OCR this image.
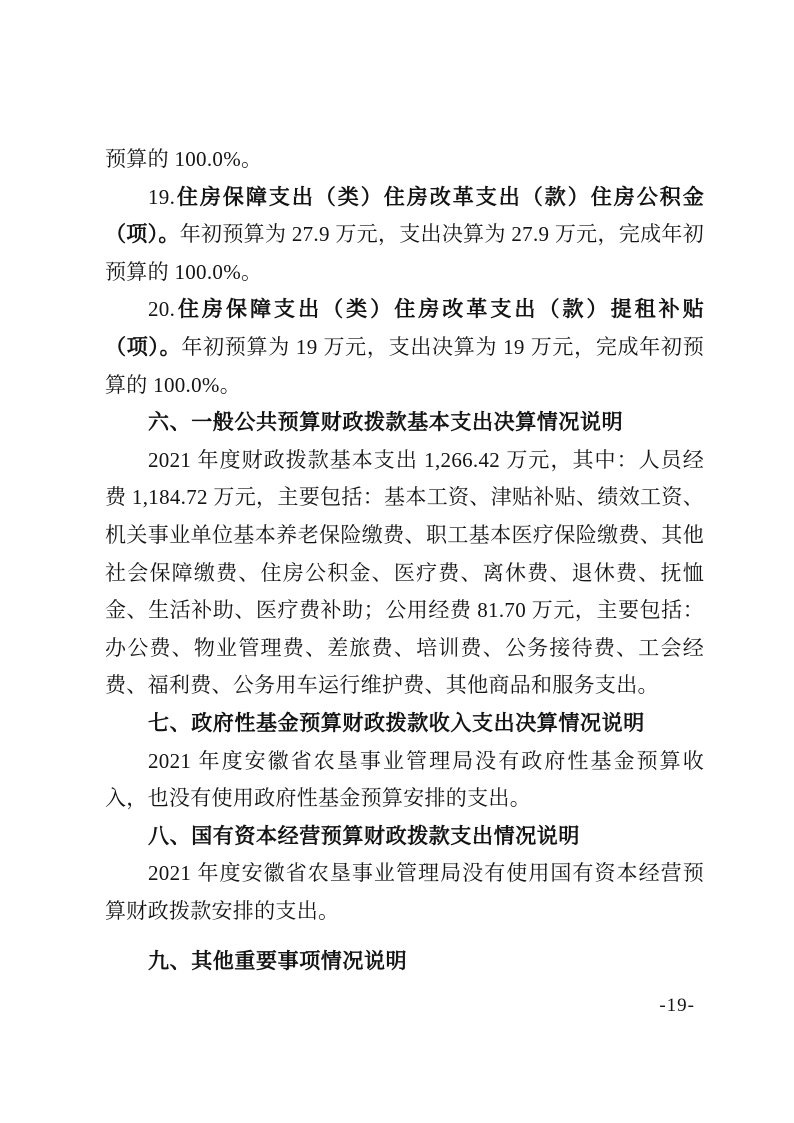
预算的 100.0%。

19.住房保障支出（类）住房改革支出（款）住房公积金（项）。年初预算为 27.9 万元，支出决算为 27.9 万元，完成年初预算的 100.0%。

20.住房保障支出（类）住房改革支出（款）提租补贴（项）。年初预算为 19 万元，支出决算为 19 万元，完成年初预算的 100.0%。

六、一般公共预算财政拨款基本支出决算情况说明

2021 年度财政拨款基本支出 1,266.42 万元，其中：人员经费 1,184.72 万元，主要包括：基本工资、津贴补贴、绩效工资、机关事业单位基本养老保险缴费、职工基本医疗保险缴费、其他社会保障缴费、住房公积金、医疗费、离休费、退休费、抚恤金、生活补助、医疗费补助；公用经费 81.70 万元，主要包括：办公费、物业管理费、差旅费、培训费、公务接待费、工会经费、福利费、公务用车运行维护费、其他商品和服务支出。

七、政府性基金预算财政拨款收入支出决算情况说明

2021 年度安徽省农垦事业管理局没有政府性基金预算收入，也没有使用政府性基金预算安排的支出。

八、国有资本经营预算财政拨款支出情况说明

2021 年度安徽省农垦事业管理局没有使用国有资本经营预算财政拨款安排的支出。

九、其他重要事项情况说明
-19-
